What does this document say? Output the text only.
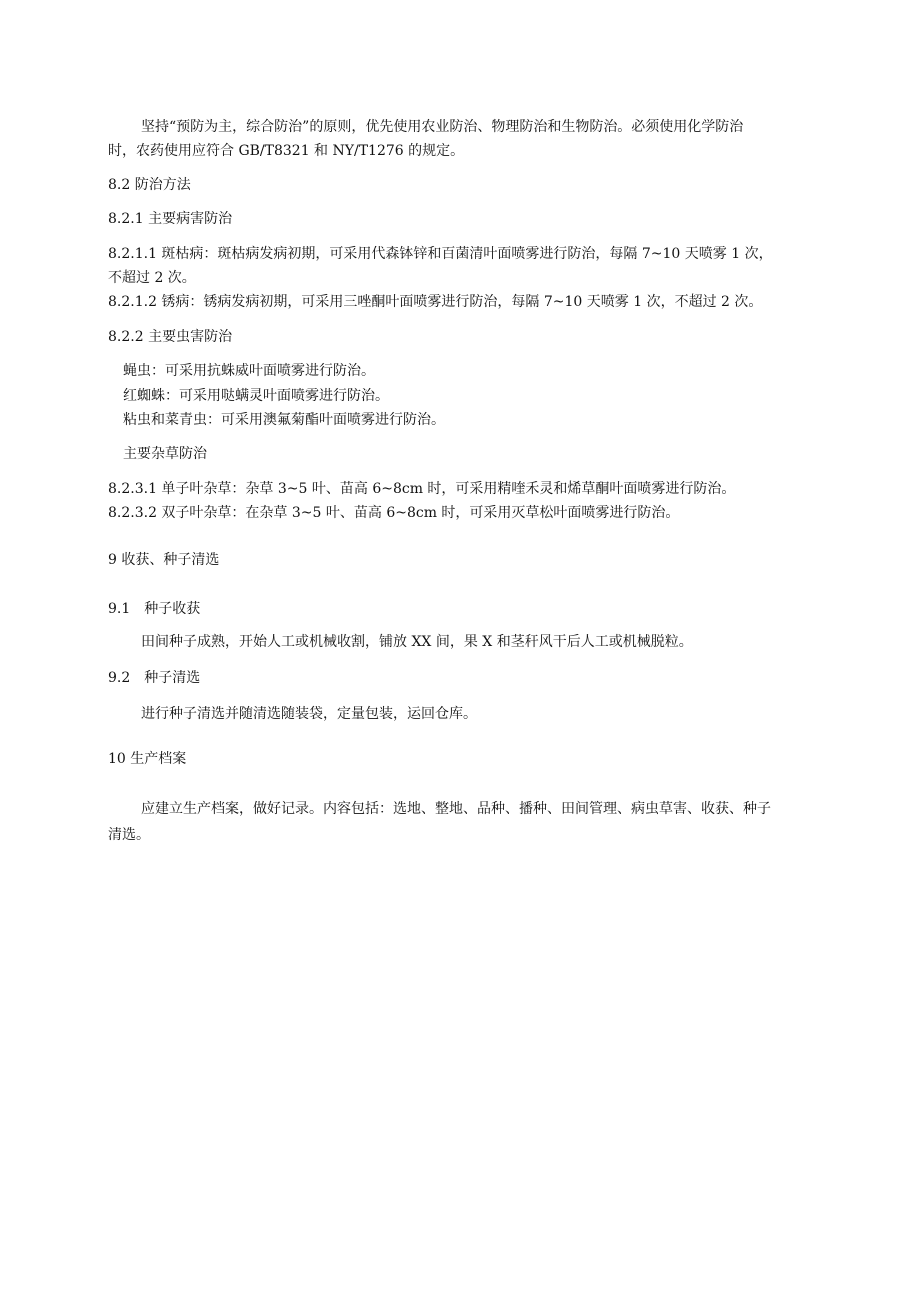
坚持“预防为主，综合防治”的原则，优先使用农业防治、物理防治和生物防治。必须使用化学防治

时，农药使用应符合 GB/T8321 和 NY/T1276 的规定。

8.2 防治方法

8.2.1 主要病害防治

8.2.1.1 斑枯病：斑枯病发病初期，可采用代森钵锌和百菌清叶面喷雾进行防治，每隔 7~10 天喷雾 1 次，

不超过 2 次。

8.2.1.2 锈病：锈病发病初期，可采用三唑酮叶面喷雾进行防治，每隔 7~10 天喷雾 1 次，不超过 2 次。

8.2.2 主要虫害防治

蝇虫：可采用抗蛛威叶面喷雾进行防治。

红蜘蛛：可采用哒螨灵叶面喷雾进行防治。

粘虫和菜青虫：可采用澳氟菊酯叶面喷雾进行防治。

主要杂草防治

8.2.3.1 单子叶杂草：杂草 3~5 叶、苗高 6~8cm 时，可采用精喹禾灵和烯草酮叶面喷雾进行防治。

8.2.3.2 双子叶杂草：在杂草 3~5 叶、苗高 6~8cm 时，可采用灭草松叶面喷雾进行防治。

9 收获、种子清选

9.1　种子收获

田间种子成熟，开始人工或机械收割，铺放 XX 间，果 X 和茎秆风干后人工或机械脱粒。

9.2　种子清选

进行种子清选并随清选随装袋，定量包装，运回仓库。

10 生产档案

应建立生产档案，做好记录。内容包括：选地、整地、品种、播种、田间管理、病虫草害、收获、种子

清选。
